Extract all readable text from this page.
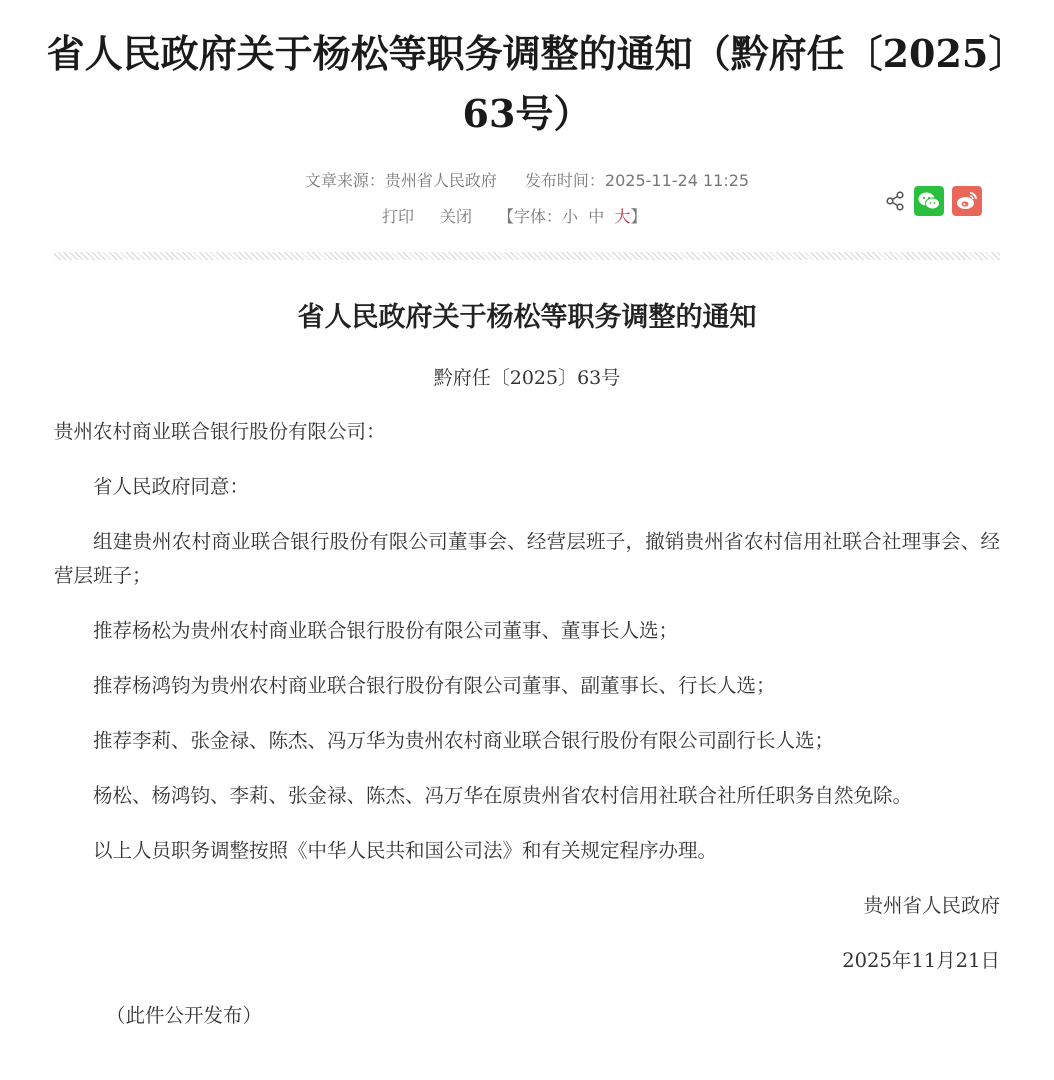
省人民政府关于杨松等职务调整的通知（黔府任〔2025〕63号）
文章来源：贵州省人民政府 发布时间：2025-11-24 11:25
打印 关闭 【字体：小 中 大】
省人民政府关于杨松等职务调整的通知
黔府任〔2025〕63号

贵州农村商业联合银行股份有限公司：

省人民政府同意：

组建贵州农村商业联合银行股份有限公司董事会、经营层班子，撤销贵州省农村信用社联合社理事会、经营层班子；

推荐杨松为贵州农村商业联合银行股份有限公司董事、董事长人选；

推荐杨鸿钧为贵州农村商业联合银行股份有限公司董事、副董事长、行长人选；

推荐李莉、张金禄、陈杰、冯万华为贵州农村商业联合银行股份有限公司副行长人选；

杨松、杨鸿钧、李莉、张金禄、陈杰、冯万华在原贵州省农村信用社联合社所任职务自然免除。

以上人员职务调整按照《中华人民共和国公司法》和有关规定程序办理。

贵州省人民政府

2025年11月21日

（此件公开发布）
